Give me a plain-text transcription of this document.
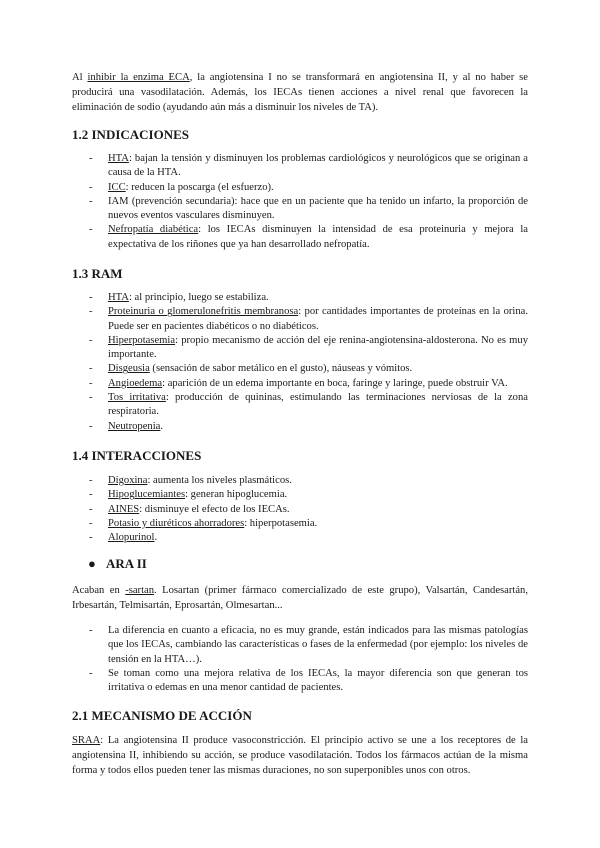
Al inhibir la enzima ECA, la angiotensina I no se transformará en angiotensina II, y al no haber se producirá una vasodilatación. Además, los IECAs tienen acciones a nivel renal que favorecen la eliminación de sodio (ayudando aún más a disminuir los niveles de TA).

1.2 INDICACIONES
- HTA: bajan la tensión y disminuyen los problemas cardiológicos y neurológicos que se originan a causa de la HTA.
- ICC: reducen la poscarga (el esfuerzo).
- IAM (prevención secundaria): hace que en un paciente que ha tenido un infarto, la proporción de nuevos eventos vasculares disminuyen.
- Nefropatía diabética: los IECAs disminuyen la intensidad de esa proteinuria y mejora la expectativa de los riñones que ya han desarrollado nefropatía.
1.3 RAM
- HTA: al principio, luego se estabiliza.
- Proteinuria o glomerulonefritis membranosa: por cantidades importantes de proteínas en la orina. Puede ser en pacientes diabéticos o no diabéticos.
- Hiperpotasemia: propio mecanismo de acción del eje renina-angiotensina-aldosterona. No es muy importante.
- Disgeusia (sensación de sabor metálico en el gusto), náuseas y vómitos.
- Angioedema: aparición de un edema importante en boca, faringe y laringe, puede obstruir VA.
- Tos irritativa: producción de quininas, estimulando las terminaciones nerviosas de la zona respiratoria.
- Neutropenia.
1.4 INTERACCIONES
- Digoxina: aumenta los niveles plasmáticos.
- Hipoglucemiantes: generan hipoglucemia.
- AINES: disminuye el efecto de los IECAs.
- Potasio y diuréticos ahorradores: hiperpotasemia.
- Alopurinol.
● ARA II

Acaban en -sartan. Losartan (primer fármaco comercializado de este grupo), Valsartán, Candesartán, Irbesartán, Telmisartán, Eprosartán, Olmesartan...

- La diferencia en cuanto a eficacia, no es muy grande, están indicados para las mismas patologías que los IECAs, cambiando las características o fases de la enfermedad (por ejemplo: los niveles de tensión en la HTA…).
- Se toman como una mejora relativa de los IECAs, la mayor diferencia son que generan tos irritativa o edemas en una menor cantidad de pacientes.
2.1 MECANISMO DE ACCIÓN

SRAA: La angiotensina II produce vasoconstricción. El principio activo se une a los receptores de la angiotensina II, inhibiendo su acción, se produce vasodilatación. Todos los fármacos actúan de la misma forma y todos ellos pueden tener las mismas duraciones, no son superponibles unos con otros.
